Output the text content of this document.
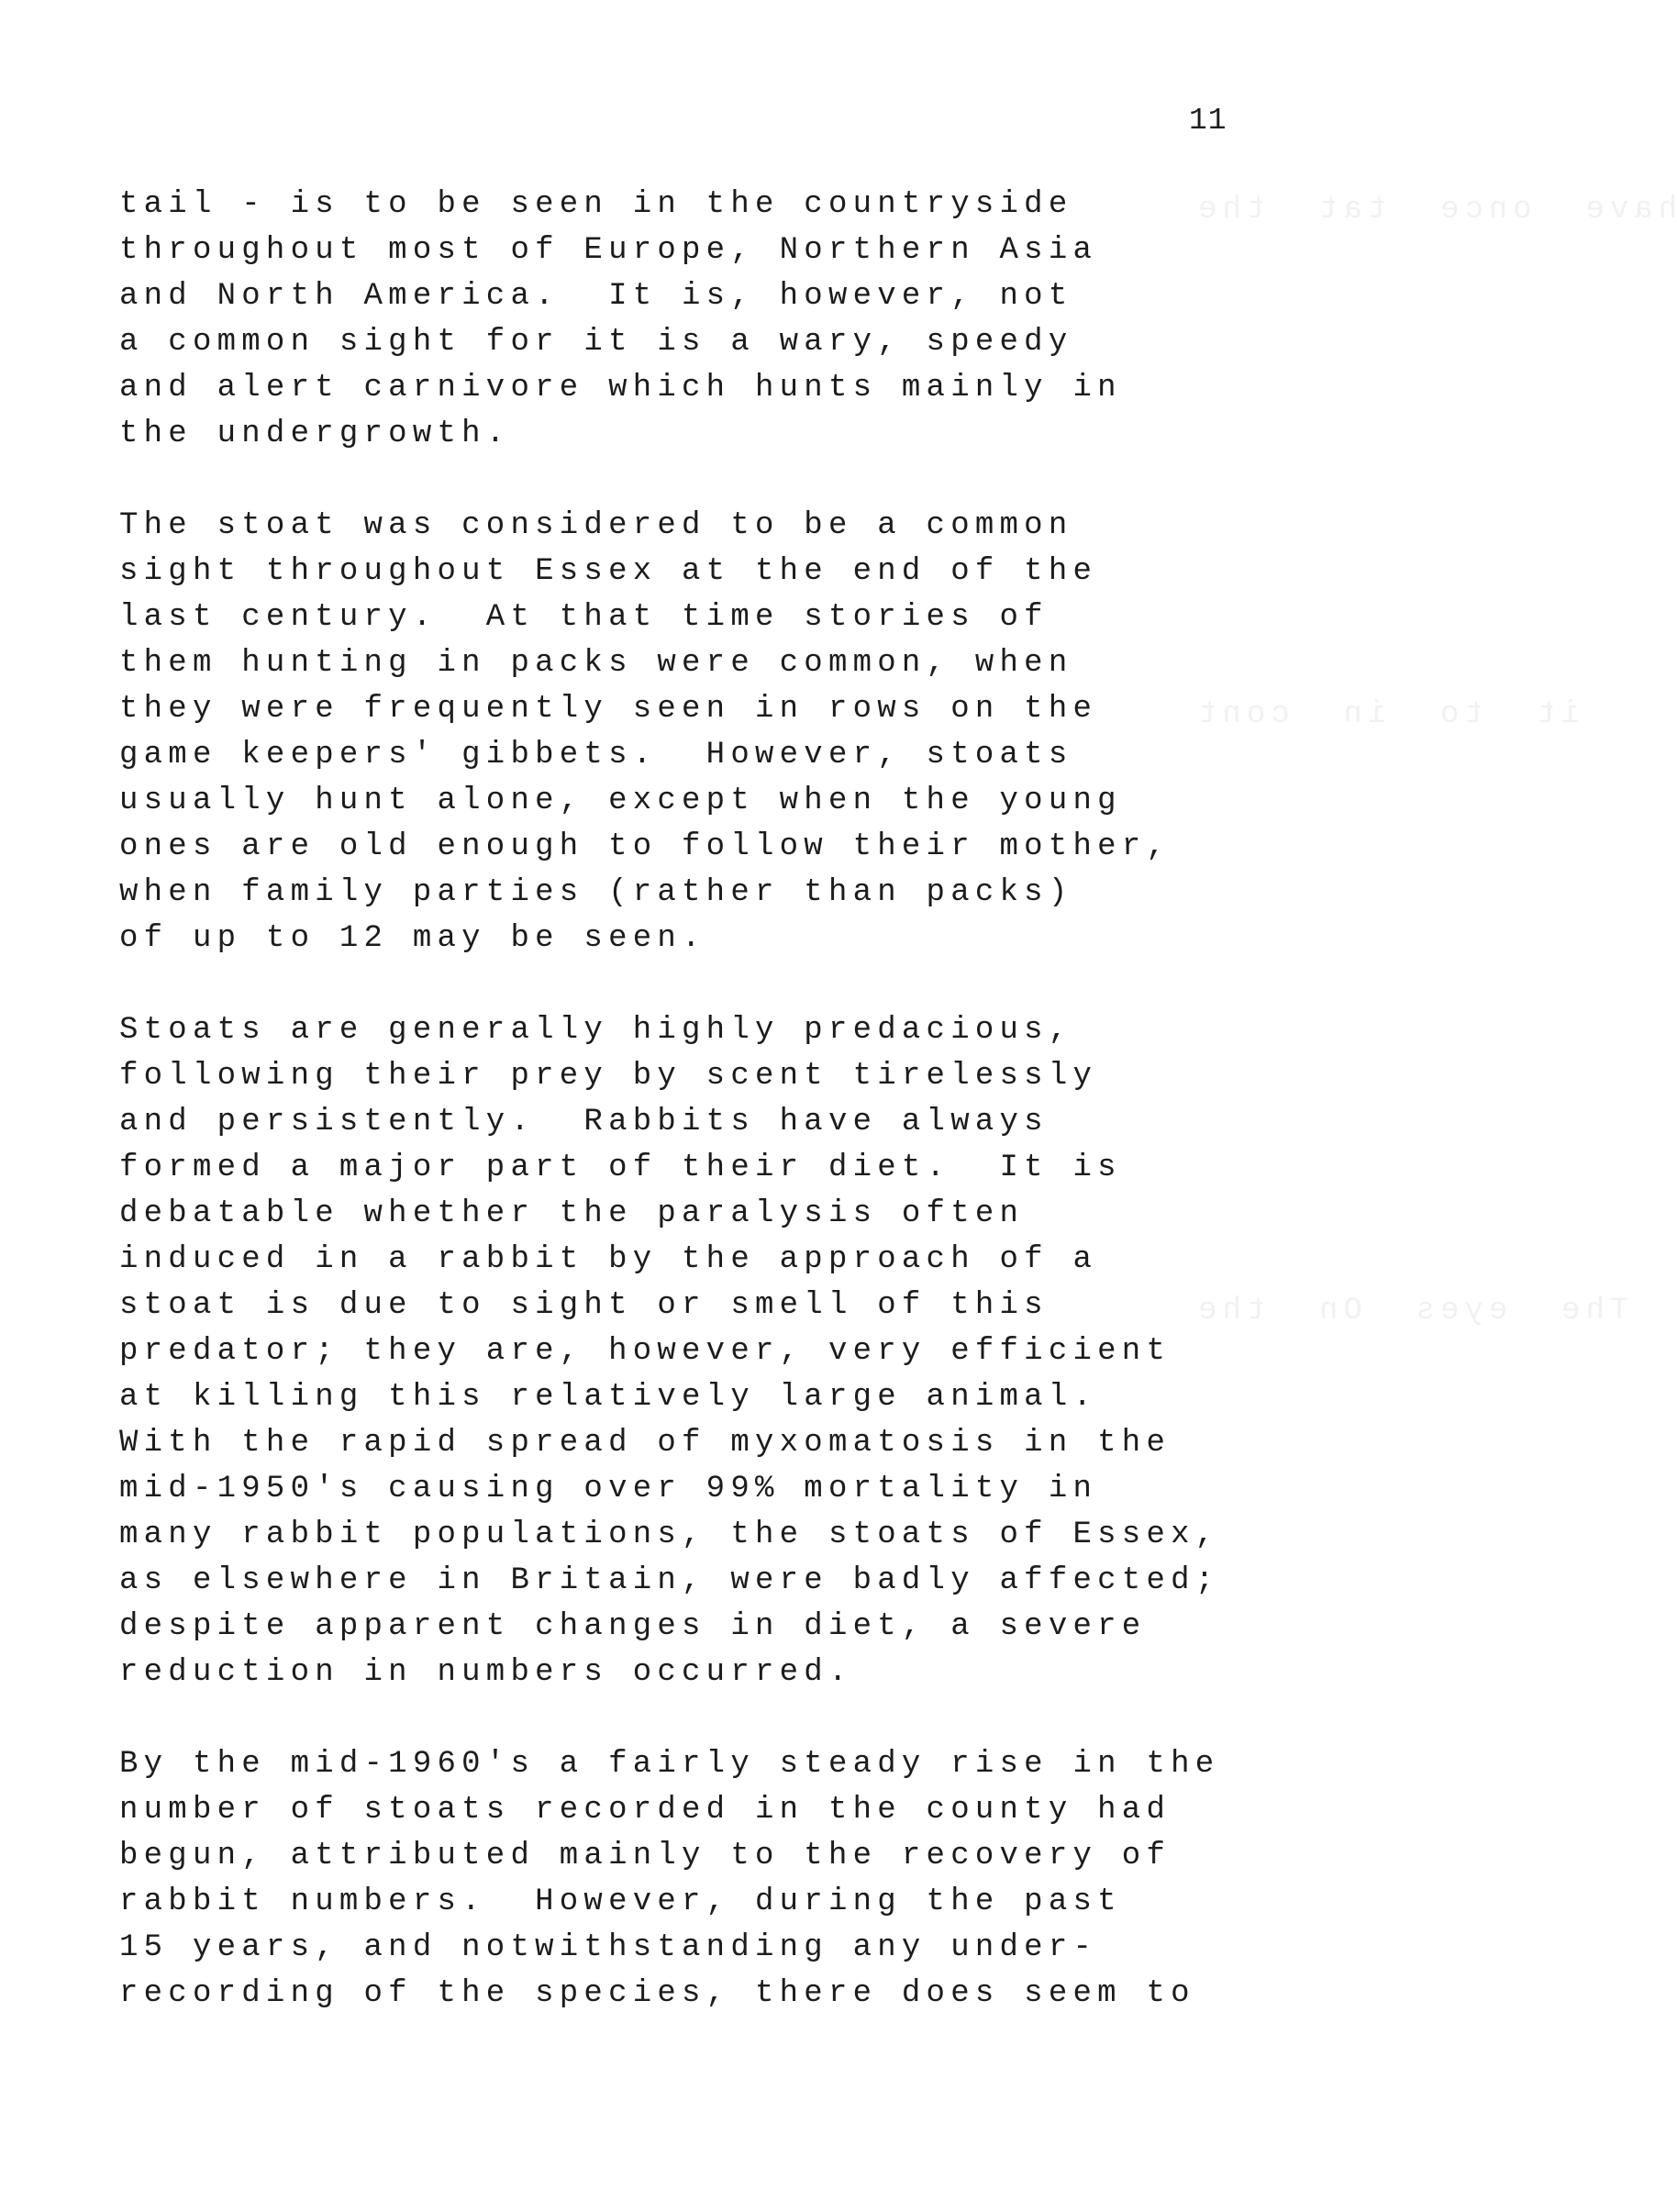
have  once  tat  the
it  to  in  cont
The  eyes  On  the
11
tail - is to be seen in the countryside
throughout most of Europe, Northern Asia
and North America.  It is, however, not
a common sight for it is a wary, speedy
and alert carnivore which hunts mainly in
the undergrowth.
The stoat was considered to be a common
sight throughout Essex at the end of the
last century.  At that time stories of
them hunting in packs were common, when
they were frequently seen in rows on the
game keepers' gibbets.  However, stoats
usually hunt alone, except when the young
ones are old enough to follow their mother,
when family parties (rather than packs)
of up to 12 may be seen.
Stoats are generally highly predacious,
following their prey by scent tirelessly
and persistently.  Rabbits have always
formed a major part of their diet.  It is
debatable whether the paralysis often
induced in a rabbit by the approach of a
stoat is due to sight or smell of this
predator; they are, however, very efficient
at killing this relatively large animal.
With the rapid spread of myxomatosis in the
mid-1950's causing over 99% mortality in
many rabbit populations, the stoats of Essex,
as elsewhere in Britain, were badly affected;
despite apparent changes in diet, a severe
reduction in numbers occurred.
By the mid-1960's a fairly steady rise in the
number of stoats recorded in the county had
begun, attributed mainly to the recovery of
rabbit numbers.  However, during the past
15 years, and notwithstanding any under-
recording of the species, there does seem to
